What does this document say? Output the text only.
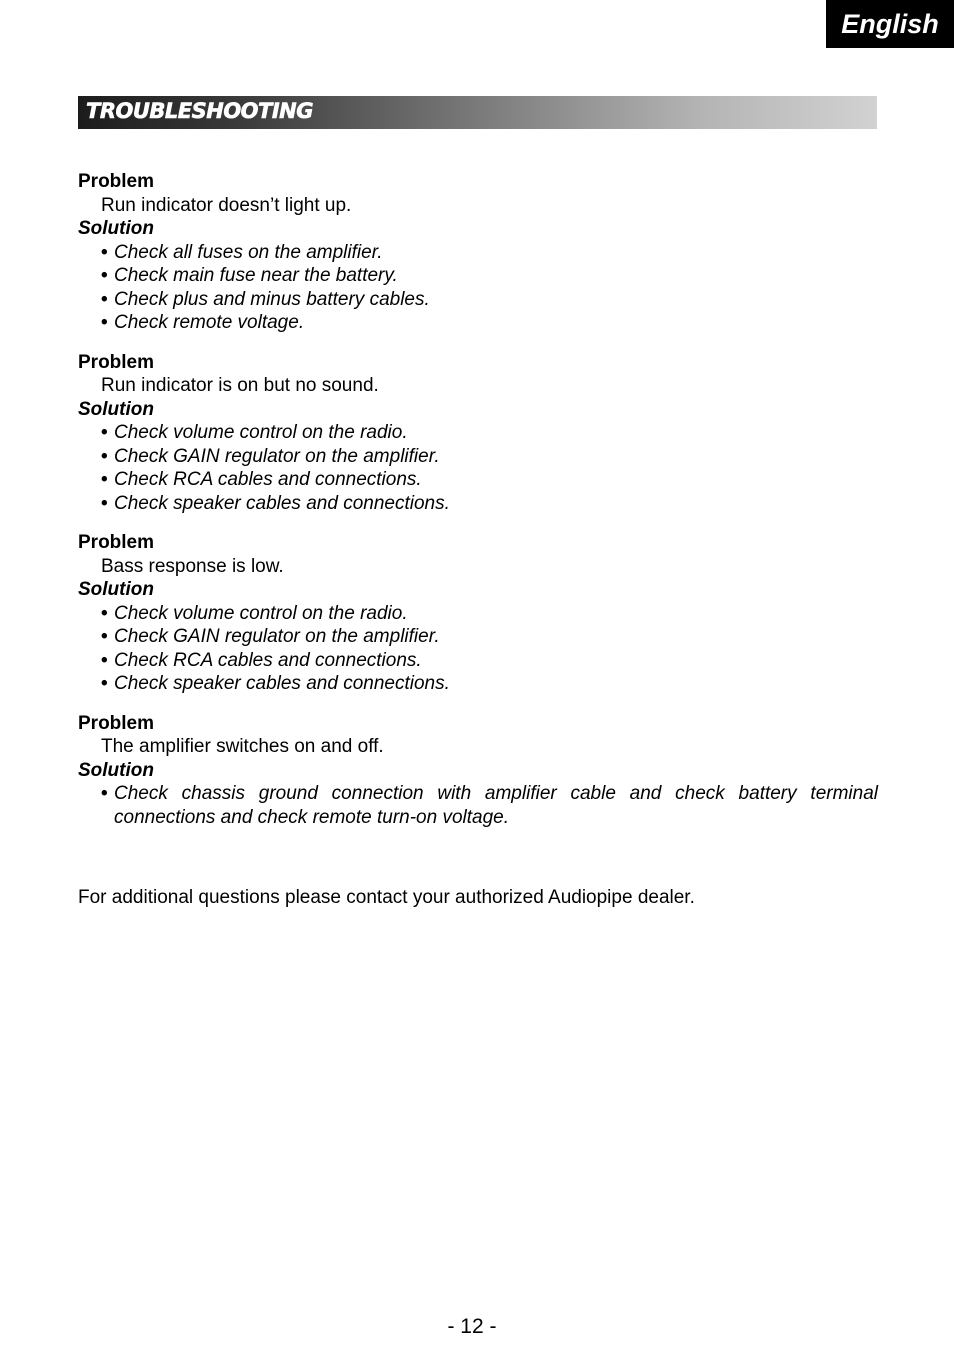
English
TROUBLESHOOTING
Problem
Run indicator doesn’t light up.
Solution
• Check all fuses on the amplifier.
• Check main fuse near the battery.
• Check plus and minus battery cables.
• Check remote voltage.
Problem
Run indicator is on but no sound.
Solution
• Check volume control on the radio.
• Check GAIN regulator on the amplifier.
• Check RCA cables and connections.
• Check speaker cables and connections.
Problem
Bass response is low.
Solution
• Check volume control on the radio.
• Check GAIN regulator on the amplifier.
• Check RCA cables and connections.
• Check speaker cables and connections.
Problem
The amplifier switches on and off.
Solution
• Check chassis ground connection with amplifier cable and check battery terminal connections and check remote turn-on voltage.
For additional questions please contact your authorized Audiopipe dealer.
- 12 -
